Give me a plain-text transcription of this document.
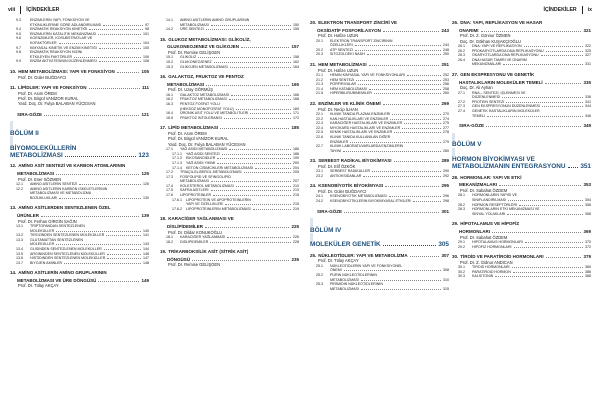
viii İÇİNDEKİLER	İÇİNDEKİLER ix
9.3	ENZİMLERİN YAPI, FONKSİYON VE
ETKİNLİKLERİNE GÖRE ADLANDIRILMASI	97
9.4	ENZİMATİK REAKSİYON KİNETİĞİ	98
9.5	ENZİMLERİN KATALİTİK MEKANİZMASI	101
9.6	KOENZİMLER, KOSUBSTRATLAR VE
KOFAKTÖRLER	104
9.7	KİMYASAL KİNETİK VE ENZİM KİNETİĞİ	105
9.8	ENZİMATİK REAKSİYON HIZINI
ETKİLEYEN FAKTÖRLER	106
9.9	ENZİM AKTİVİTESİNİN DÜZENLENMESİ	108
10. HEM METABOLİZMASI: YAPI VE FONKSİYON	105
Prof. Dr. Güler BUĞDAYCI
11. LİPİDLER: YAPI VE FONKSİYON	111
Prof. Dr. Asım ÖREM
Prof. Dr. Birgül VANİZOR KURAL
Yard. Doç. Dr. Fulya BALABAN YÜCESAN
SIRA-GÖZE	121
BÖLÜM II
BİYOMOLEKÜLLERİN
METABOLİZMASI	123
12. AMİNO ASİT SENTEZİ VE KARBON ATOMLARININ
METABOLİZMASI	125
Prof. Dr. Eser SÖZMEN
12.1	AMİNO ASİTLERİN SENTEZİ	126
12.2	AMİNO ASİTLERİN KARBON İSKELETLERİNİN
METABOLİZMASI VE METABOLİZMA
BOZUKLUKLARI	130
13. AMİNO ASİTLERDEN SENTEZLENEN ÖZEL
ÜRÜNLER	139
Prof. Dr. Ferhan GİRGİN SAĞIN
13.1	TRİPTOFANDAN SENTEZLENEN
MOLEKÜLLER	140
13.2	TİROZİNDEN SENTEZLENEN MOLEKÜLLER	141
13.3	GLUTAMATTAN SENTEZLENEN
MOLEKÜLLER	143
13.4	GLİSİNDEN SENTEZLENEN MOLEKÜLLER	144
13.5	ARGİNİNDEN SENTEZLENEN MOLEKÜLLER	146
13.6	HİSTİDİNDEN SENTEZLENEN MOLEKÜLLER	147
13.7	BİYOJEN AMİNLER	148
14. AMİNO ASİTLERİN AMİNO GRUPLARININ
METABOLİZMASI VE ÜRE DÖNGÜSÜ	149
Prof. Dr. Tülay AKÇAY
14.1	AMİNO ASİTLERİN AMİNO GRUPLARININ
METABOLİZMASI	150
14.2	ÜRE SENTEZİ	155
15. GLUKOZ METABOLİZMASI: GLİKOLİZ,
GLUKONEOJENEZ VE GLİKOJEN	157
Prof. Dr. Remise GELİŞGEN
15.1	GLİKOLİZ	158
15.2	GLUKONEOJENEZ	162
15.3	GLİKOJEN METABOLİZMASI	164
16. GALAKTOZ, FRUKTOZ VE PENTOZ
METABOLİZMASI	165
Prof. Dr. Uzay GÖRMÜŞ
16.1	GALAKTOZ METABOLİZMASI	166
16.2	FRUKTOZ METABOLİZMASI	168
16.3	PENTOZ FOSFAT YOLU
(HEKSOZ MONOFOSFAT YOLU)	169
16.4	ÜRONİK ASİT YOLU VE METABOLİTLERİ	171
16.5	FRUKTOZ İNTOLERANSI	172
17. LİPİD METABOLİZMASI	185
Prof. Dr. Asım ÖREM
Prof. Dr. Birgül VANİZOR KURAL
Yard. Doç. Dr. Fulya BALABAN YÜCESAN
17.1	YAĞ ASİDİ METABOLİZMASI	186
17.1.1	YAĞ ASİDİ SENTEZİ	186
17.1.2	EİKOSANOİDLER	199
17.1.3	YAĞ ASİDİ YIKIMI	200
17.1.4	KETON CİSİMCİKLERİ METABOLİZMASI	204
17.2	TRİAÇİLGLİSEROL METABOLİZMASI	205
17.3	FOSFOLİPİD VE SFİNGOLİPİD
METABOLİZMASI	207
17.4	KOLESTEROL METABOLİZMASI	210
17.5	SAFRA ASİTLERİ	213
17.6	LİPOPROTEİNLER	215
17.6.1	LİPOPROTEİN VE APOPROTEİNLERİN
YAPI VE ÖZELLİKLERİ	215
17.6.2	LİPOPROTEİNLERİN METABOLİZMASI	219
18. KARACİĞER YAĞLANMASI VE
DİSLİPİDEMİLER	225
Prof. Dr. Dildar KONUKOĞLU
18.1	KARACİĞER YAĞLANMASI	226
18.2	DİSLİPİDEMİLER	228
19. TRİKARBOKSİLİK ASİT (SİTRİK ASİT)
DÖNGÜSÜ	235
Prof. Dr. Remise GELİŞGEN
20. ELEKTRON TRANSPORT ZİNCİRİ VE
OKSİDATİF FOSFORİLASYON	243
Prof. Dr. Hafize UZUN
20.1	ELEKTRON TRANSPORT ZİNCİRİNİN
ÖZELLİKLERİ	244
20.2	ATP SENTEZİ	248
20.3	SİTOZOLDEKİ NADH	250
21. HEM METABOLİZMASI	251
Prof. Dr. Hafize UZUN
21.1	HEMİN KİMYASAL YAPI VE FONKSİYONLARI	252
21.2	HEM SENTEZİ	253
21.3	PORFİRİYALAR	256
21.4	HEM KATABOLİZMASI	258
21.5	HİPERBİLİRUBİNEMİLER	260
22. ENZİMLER VE KLİNİK ÖNEMİ	269
Prof. Dr. Necip İLHAN
22.1	KLİNİK TANIDA PLAZMA ENZİMLERİ	270
22.2	KAN HASTALIKLARI VE ENZİMLER	274
22.3	KARACİĞER HASTALIKLARI VE ENZİMLER	275
22.4	MİYOKARD HASTALIKLARI VE ENZİMLER	277
22.5	KEMİK HASTALIKLARI VE ENZİMLER	278
22.6	KLİNİK TANIDA KULLANILAN DİĞER
ENZİMLER	279
22.7	KLİNİK LABORATUVARLARDA ENZİMLERİN
TAYİNİ	280
23. SERBEST RADİKAL BİYOKİMYASI	289
Prof. Dr. Elif ÖZKÖK
23.1	SERBEST RADİKALLER	290
23.2	ANTİOKSİDANLAR	292
24. KSENOBİYOTİK BİYOKİMYASI	295
Prof. Dr. Güler BUĞDAYCI
24.1	KSENOBİYOTİK METABOLİZMASI	296
24.2	KSENOBİYOTİKLERİN BİYOKİMYASAL ETKİLERİ	298
SIRA-GÖZE	301
BÖLÜM IV
MOLEKÜLER GENETİK	305
25. NÜKLEOTİDLER: YAPI VE METABOLİZMA	307
Prof. Dr. Tülay AKÇAY
25.1	NÜKLEOTİDLERİN YAPI VE FONKSİYONEL
ÖNEMİ	308
25.2	PÜRİN NÜKLEOTİDLERİNİN
METABOLİZMASI	310
25.3	PİRİMİDİN NÜKLEOTİDLERİNİN
METABOLİZMASI	315
26. DNA: YAPI, REPLİKASYON VE HASAR
ONARIMI	321
Prof. Dr. Z. Gönnur ÖZMEN
Doç. Dr. Gökhan KUŞAKÇIOĞLU
26.1	DNA: YAPI VE REPLİKASYON	322
26.2	PROKARYOTLARDA DNA REPLİKASYONU	325
26.3	ÖKARYOTLARDA DNA REPLİKASYONU	327
26.4	DNA HASAR TAMİRİ VE ONARIM
MEKANİZMALARI	331
27. GEN EKSPRESYONU VE GENETİK
HASTALIKLARIN MOLEKÜLER TEMELİ	335
Doç. Dr. Ali Ayhan
27.1	RNA – SENTEZİ, İŞLENMESİ VE
DÜZENLENMESİ	336
27.2	PROTEİN SENTEZİ	341
27.3	GEN EKSPRESYONUN DÜZENLENMESİ	344
27.4	GENETİK HASTALIKLARIN MOLEKÜLER
TEMELİ	346
SIRA-GÖZE	349
BÖLÜM V
HORMON BİYOKİMYASI VE
METABOLİZMANIN ENTEGRASYONU 351
28. HORMONLAR: YAPI VE ETKİ
MEKANİZMALARI	353
Prof. Dr. Sabahat ÖZDEM
28.1	HORMONLARIN YAPISI VE
SINIFLANDIRILMASI	354
28.2	HORMON RESEPTÖRLERİ	356
28.3	HORMONLARIN ETKİ MEKANİZMASI VE
SİNYAL YOLAKLARI	358
29. HİPOTALAMUS VE HİPOFİZ
HORMONLARI	369
Prof. Dr. Sabahat ÖZDEM
29.1	HİPOTALAMUS HORMONLARI	370
29.2	HİPOFİZ HORMONLARI	372
30. TİROİD VE PARATİROİD HORMONLARI	379
Prof. Dr. Z. Gülnur ANDICAN
30.1	TİROİD HORMONLARI	380
30.2	PARATİROİD HORMON	386
30.3	KALSİTONİN	388
